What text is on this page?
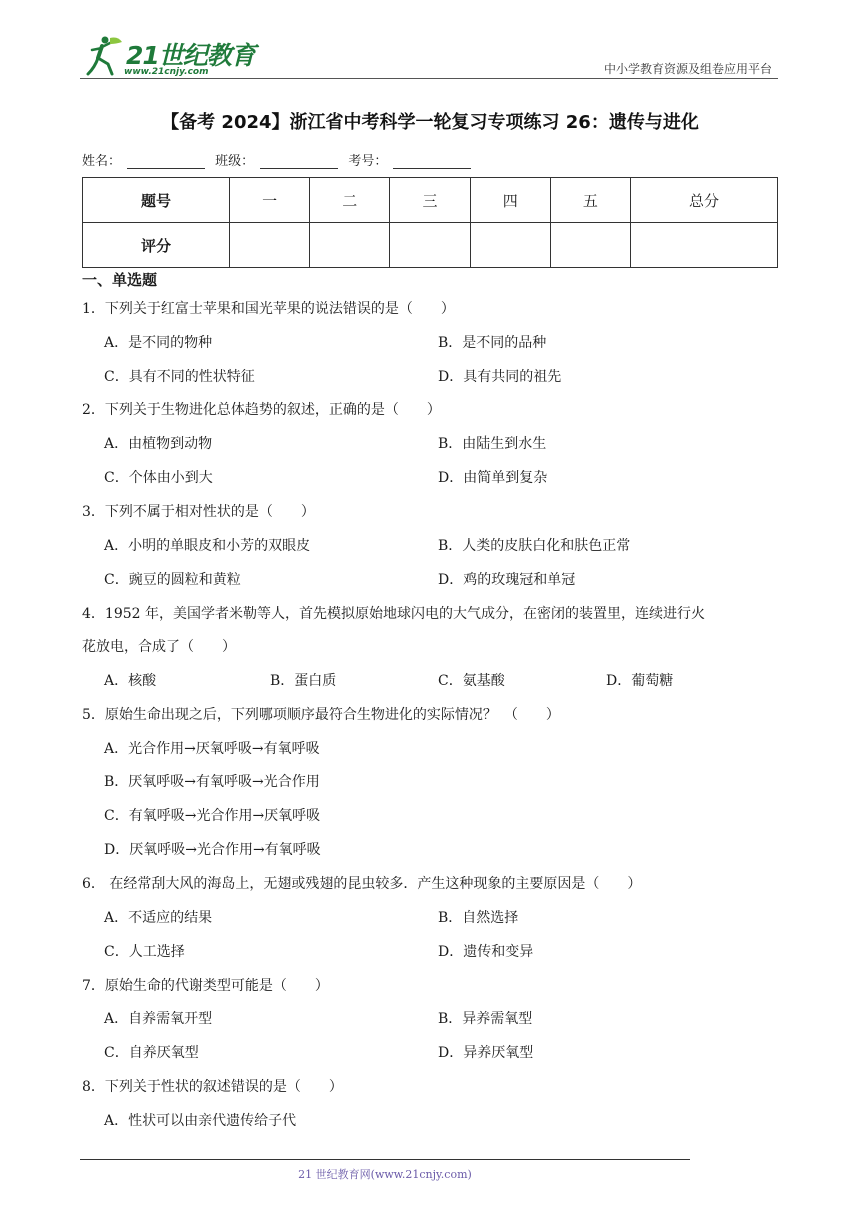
21世纪教育
www.21cnjy.com	中小学教育资源及组卷应用平台
【备考 2024】浙江省中考科学一轮复习专项练习 26：遗传与进化
姓名：	班级：	考号：
题号	一	二	三	四	五	总分
评分						
一、单选题
1．下列关于红富士苹果和国光苹果的说法错误的是（　　）
A．是不同的物种	B．是不同的品种
C．具有不同的性状特征	D．具有共同的祖先
2．下列关于生物进化总体趋势的叙述，正确的是（　　）
A．由植物到动物	B．由陆生到水生
C．个体由小到大	D．由简单到复杂
3．下列不属于相对性状的是（　　）
A．小明的单眼皮和小芳的双眼皮	B．人类的皮肤白化和肤色正常
C．豌豆的圆粒和黄粒	D．鸡的玫瑰冠和单冠
4．1952 年，美国学者米勒等人，首先模拟原始地球闪电的大气成分，在密闭的装置里，连续进行火
花放电，合成了（　　）
A．核酸	B．蛋白质	C．氨基酸	D．葡萄糖
5．原始生命出现之后，下列哪项顺序最符合生物进化的实际情况？　（　　）
A．光合作用→厌氧呼吸→有氧呼吸
B．厌氧呼吸→有氧呼吸→光合作用
C．有氧呼吸→光合作用→厌氧呼吸
D．厌氧呼吸→光合作用→有氧呼吸
6． 在经常刮大风的海岛上，无翅或残翅的昆虫较多．产生这种现象的主要原因是（　　）
A．不适应的结果	B．自然选择
C．人工选择	D．遗传和变异
7．原始生命的代谢类型可能是（　　）
A．自养需氧开型	B．异养需氧型
C．自养厌氧型	D．异养厌氧型
8．下列关于性状的叙述错误的是（　　）
A．性状可以由亲代遗传给子代
21 世纪教育网(www.21cnjy.com)
